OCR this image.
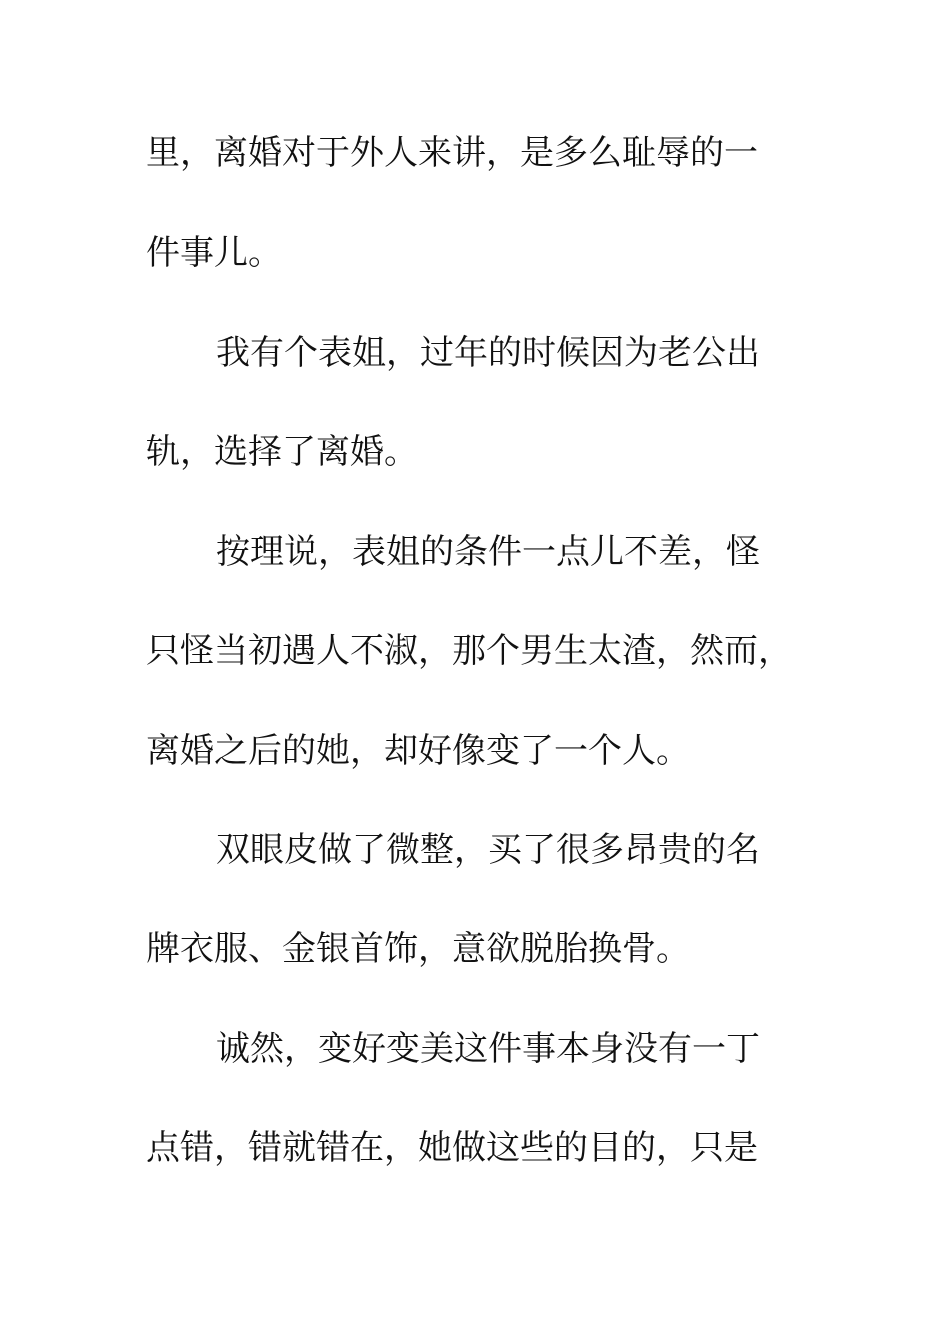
里，离婚对于外人来讲，是多么耻辱的一
件事儿。
我有个表姐，过年的时候因为老公出
轨，选择了离婚。
按理说，表姐的条件一点儿不差，怪
只怪当初遇人不淑，那个男生太渣，然而，
离婚之后的她，却好像变了一个人。
双眼皮做了微整，买了很多昂贵的名
牌衣服、金银首饰，意欲脱胎换骨。
诚然，变好变美这件事本身没有一丁
点错，错就错在，她做这些的目的，只是
